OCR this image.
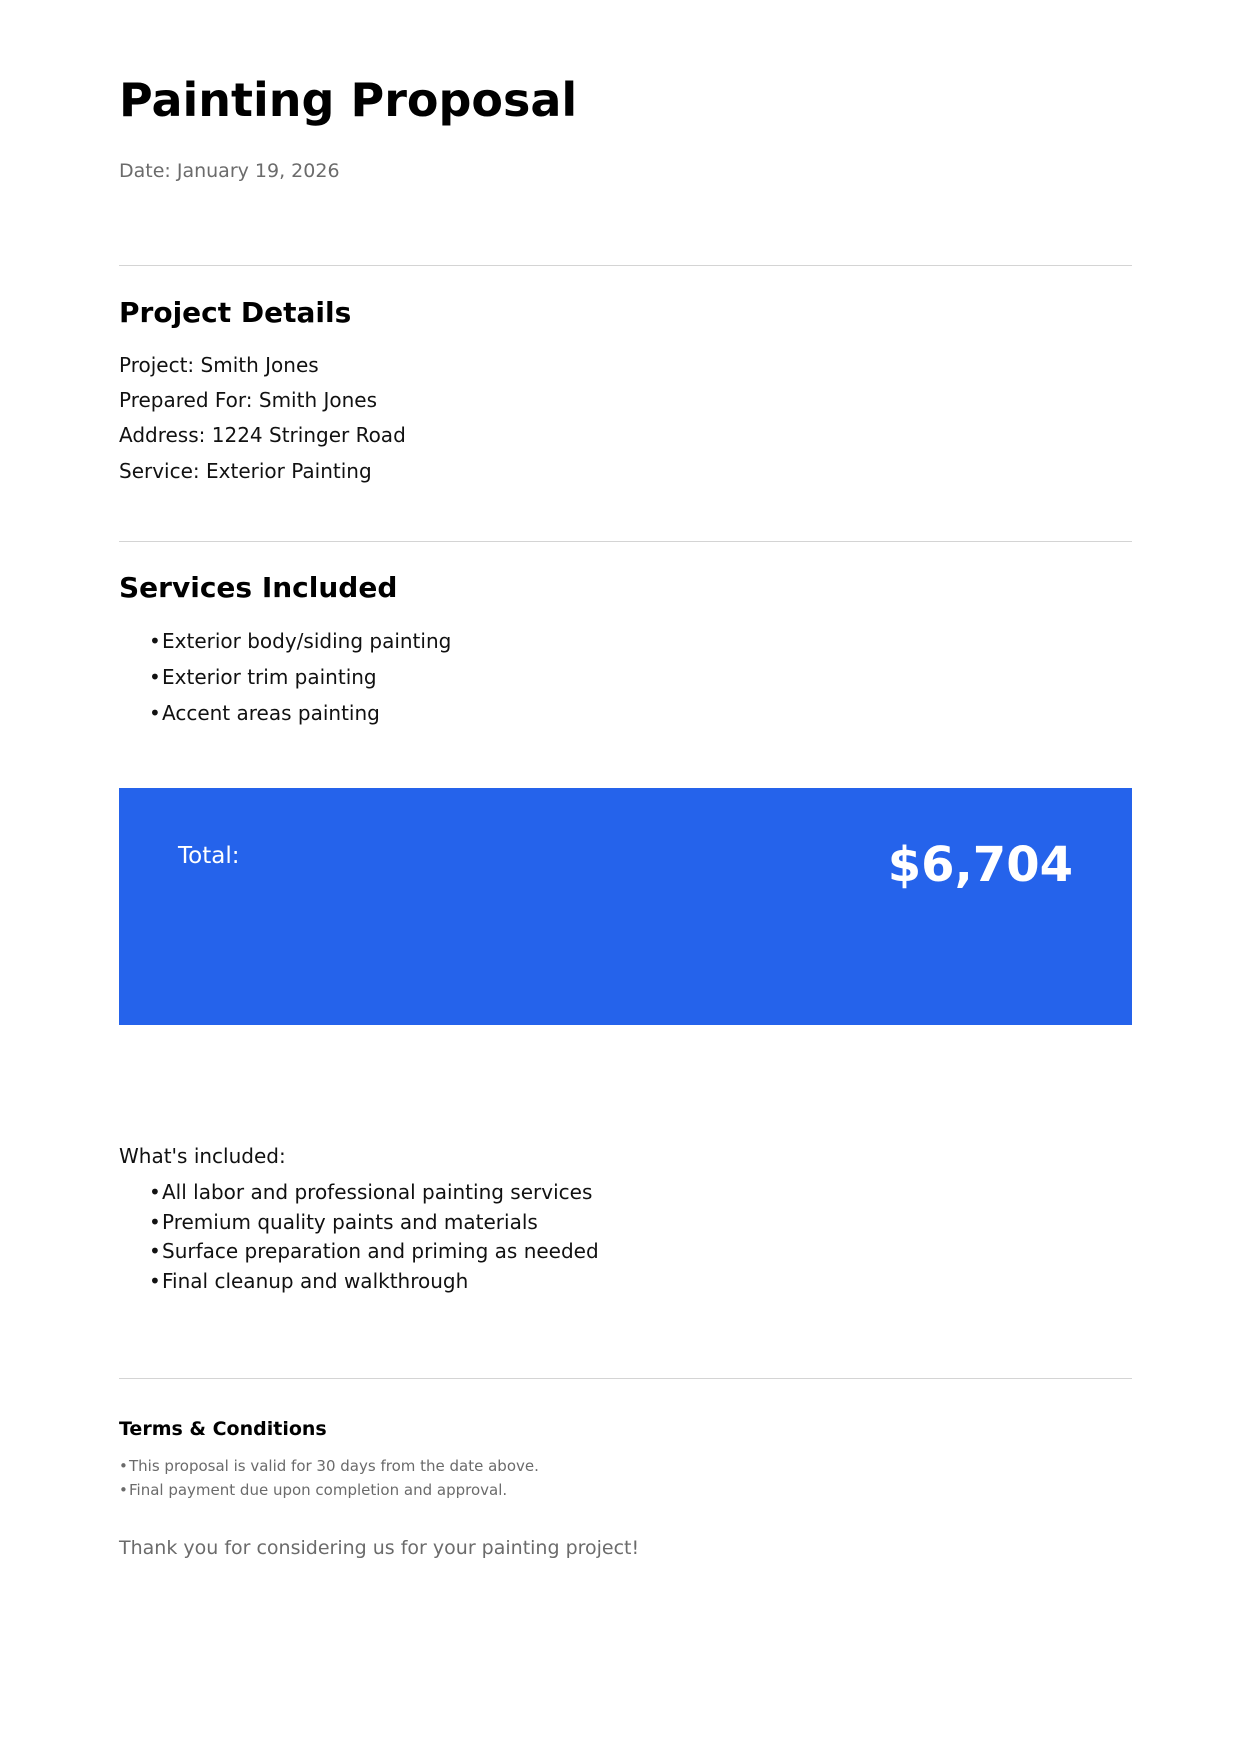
Painting Proposal
Date: January 19, 2026
Project Details
Project: Smith Jones
Prepared For: Smith Jones
Address: 1224 Stringer Road
Service: Exterior Painting
Services Included
• Exterior body/siding painting
• Exterior trim painting
• Accent areas painting
Total:	$6,704
What's included:
• All labor and professional painting services
• Premium quality paints and materials
• Surface preparation and priming as needed
• Final cleanup and walkthrough
Terms & Conditions
• This proposal is valid for 30 days from the date above.
• Final payment due upon completion and approval.
Thank you for considering us for your painting project!
